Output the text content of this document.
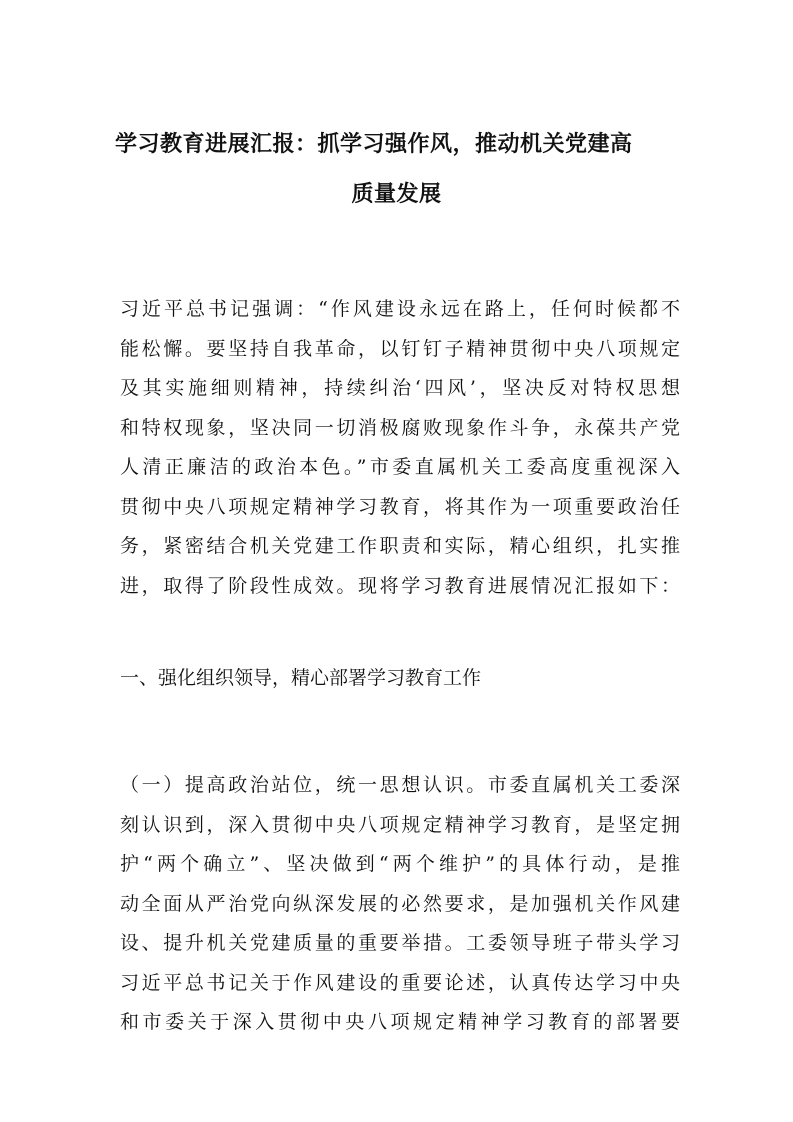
学习教育进展汇报：抓学习强作风，推动机关党建高
质量发展
习近平总书记强调：“作风建设永远在路上，任何时候都不
能松懈。要坚持自我革命，以钉钉子精神贯彻中央八项规定
及其实施细则精神，持续纠治‘四风’，坚决反对特权思想
和特权现象，坚决同一切消极腐败现象作斗争，永葆共产党
人清正廉洁的政治本色。”市委直属机关工委高度重视深入
贯彻中央八项规定精神学习教育，将其作为一项重要政治任
务，紧密结合机关党建工作职责和实际，精心组织，扎实推
进，取得了阶段性成效。现将学习教育进展情况汇报如下：

一、强化组织领导，精心部署学习教育工作

（一）提高政治站位，统一思想认识。市委直属机关工委深
刻认识到，深入贯彻中央八项规定精神学习教育，是坚定拥
护“两个确立”、坚决做到“两个维护”的具体行动，是推
动全面从严治党向纵深发展的必然要求，是加强机关作风建
设、提升机关党建质量的重要举措。工委领导班子带头学习
习近平总书记关于作风建设的重要论述，认真传达学习中央
和市委关于深入贯彻中央八项规定精神学习教育的部署要
